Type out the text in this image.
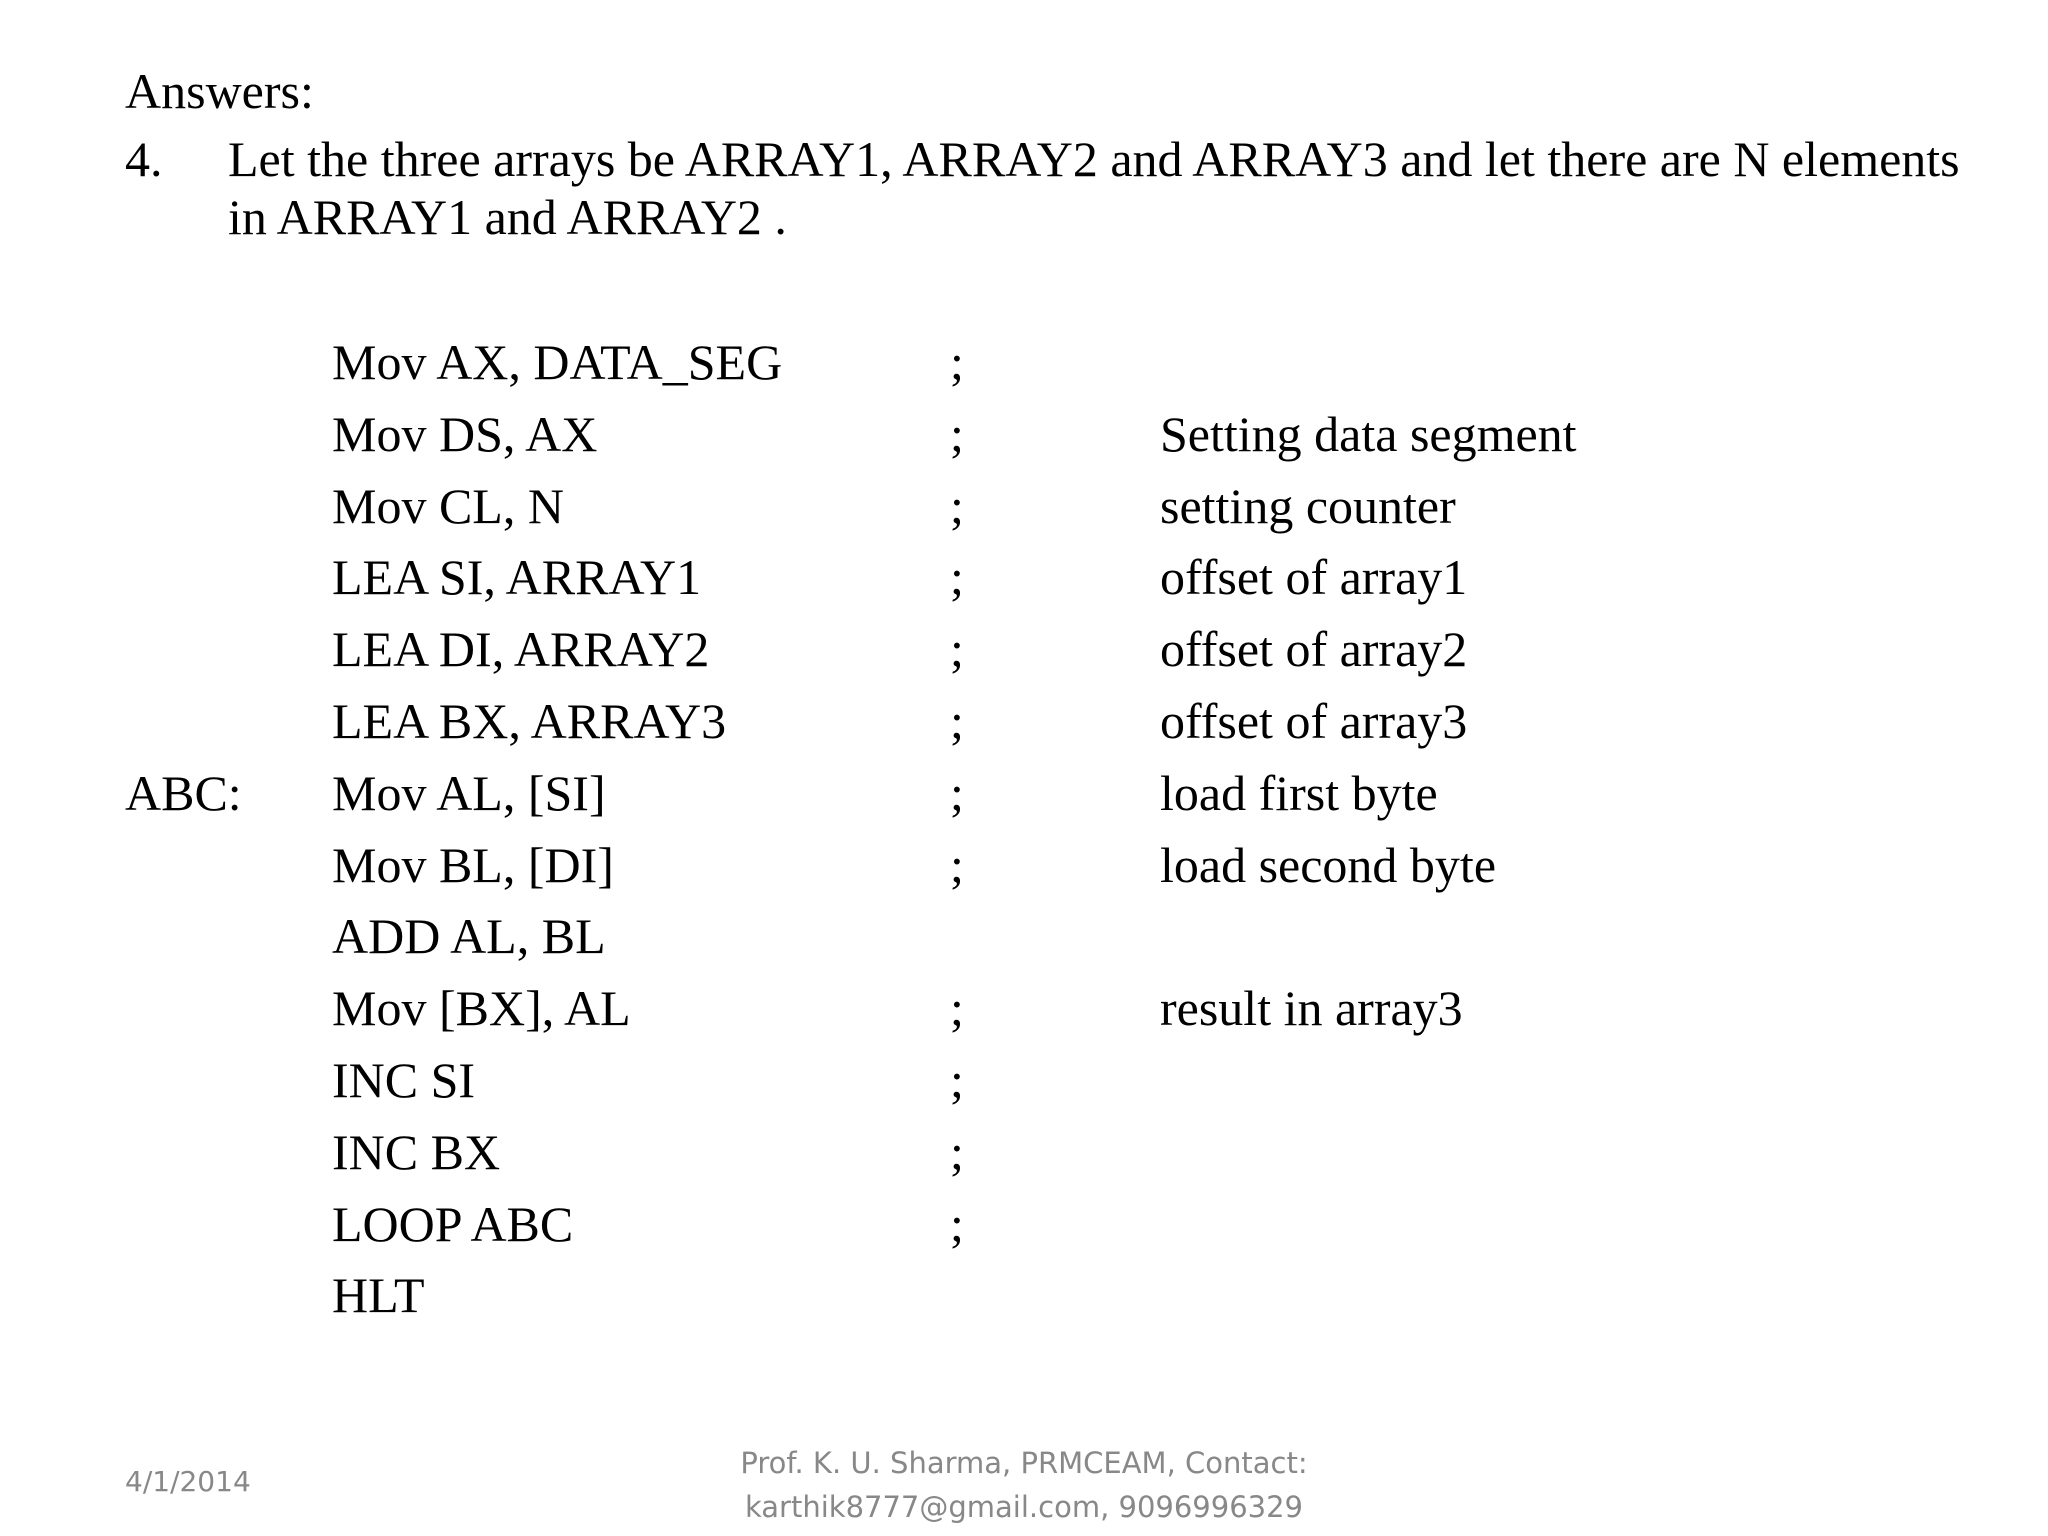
Answers:
4. Let the three arrays be ARRAY1, ARRAY2 and ARRAY3 and let there are N elements in ARRAY1 and ARRAY2 .
Mov AX, DATA_SEG	;
Mov DS, AX	;	Setting data segment
Mov CL, N	;	setting counter
LEA SI, ARRAY1	;	offset of array1
LEA DI, ARRAY2	;	offset of array2
LEA BX, ARRAY3	;	offset of array3
ABC: Mov AL, [SI]	;	load first byte
Mov BL, [DI]	;	load second byte
ADD AL, BL
Mov [BX], AL	;	result in array3
INC SI	;
INC BX	;
LOOP ABC	;
HLT
4/1/2014
Prof. K. U. Sharma, PRMCEAM, Contact:
karthik8777@gmail.com, 9096996329
